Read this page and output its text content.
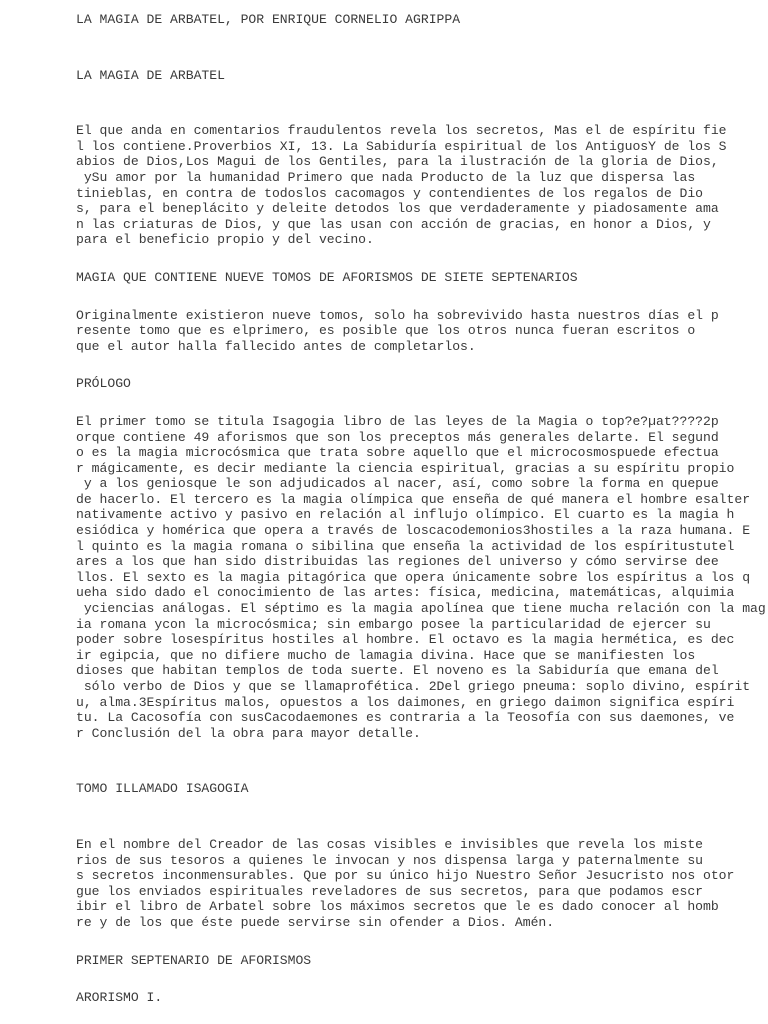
LA MAGIA DE ARBATEL, POR ENRIQUE CORNELIO AGRIPPA
LA MAGIA DE ARBATEL
El que anda en comentarios fraudulentos revela los secretos, Mas el de espíritu fie
l los contiene.Proverbios XI, 13. La Sabiduría espiritual de los AntiguosY de los S
abios de Dios,Los Magui de los Gentiles, para la ilustración de la gloria de Dios,
ySu amor por la humanidad Primero que nada Producto de la luz que dispersa las
tinieblas, en contra de todoslos cacomagos y contendientes de los regalos de Dio
s, para el beneplácito y deleite detodos los que verdaderamente y piadosamente ama
n las criaturas de Dios, y que las usan con acción de gracias, en honor a Dios, y
para el beneficio propio y del vecino.
MAGIA QUE CONTIENE NUEVE TOMOS DE AFORISMOS DE SIETE SEPTENARIOS
Originalmente existieron nueve tomos, solo ha sobrevivido hasta nuestros días el p
resente tomo que es elprimero, es posible que los otros nunca fueran escritos o
que el autor halla fallecido antes de completarlos.
PRÓLOGO
El primer tomo se titula Isagogia libro de las leyes de la Magia o top?e?µat????2p
orque contiene 49 aforismos que son los preceptos más generales delarte. El segund
o es la magia microcósmica que trata sobre aquello que el microcosmospuede efectua
r mágicamente, es decir mediante la ciencia espiritual, gracias a su espíritu propio
y a los geniosque le son adjudicados al nacer, así, como sobre la forma en quepue
de hacerlo. El tercero es la magia olímpica que enseña de qué manera el hombre esalter
nativamente activo y pasivo en relación al influjo olímpico. El cuarto es la magia h
esiódica y homérica que opera a través de loscacodemonios3hostiles a la raza humana. E
l quinto es la magia romana o sibilina que enseña la actividad de los espíritustutel
ares a los que han sido distribuidas las regiones del universo y cómo servirse dee
llos. El sexto es la magia pitagórica que opera únicamente sobre los espíritus a los q
ueha sido dado el conocimiento de las artes: física, medicina, matemáticas, alquimia
yciencias análogas. El séptimo es la magia apolínea que tiene mucha relación con la mag
ia romana ycon la microcósmica; sin embargo posee la particularidad de ejercer su
poder sobre losespíritus hostiles al hombre. El octavo es la magia hermética, es dec
ir egipcia, que no difiere mucho de lamagia divina. Hace que se manifiesten los
dioses que habitan templos de toda suerte. El noveno es la Sabiduría que emana del
sólo verbo de Dios y que se llamaprofética. 2Del griego pneuma: soplo divino, espírit
u, alma.3Espíritus malos, opuestos a los daimones, en griego daimon significa espíri
tu. La Cacosofía con susCacodaemones es contraria a la Teosofía con sus daemones, ve
r Conclusión del la obra para mayor detalle.
TOMO ILLAMADO ISAGOGIA
En el nombre del Creador de las cosas visibles e invisibles que revela los miste
rios de sus tesoros a quienes le invocan y nos dispensa larga y paternalmente su
s secretos inconmensurables. Que por su único hijo Nuestro Señor Jesucristo nos otor
gue los enviados espirituales reveladores de sus secretos, para que podamos escr
ibir el libro de Arbatel sobre los máximos secretos que le es dado conocer al homb
re y de los que éste puede servirse sin ofender a Dios. Amén.
PRIMER SEPTENARIO DE AFORISMOS
ARORISMO I.
